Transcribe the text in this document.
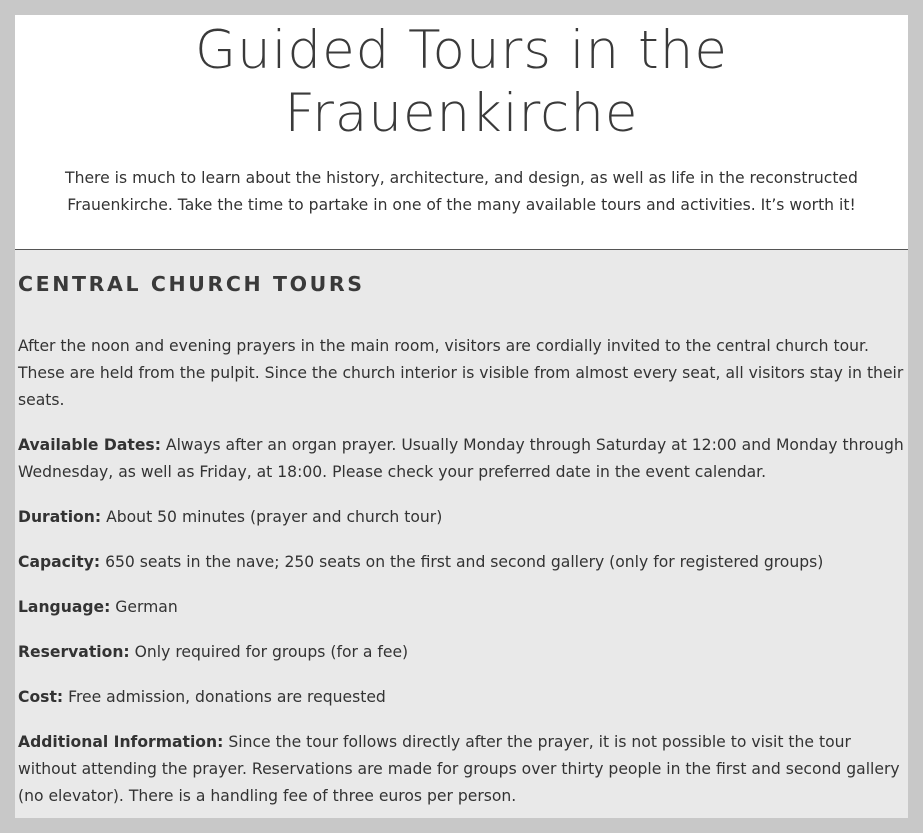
Guided Tours in the Frauenkirche

There is much to learn about the history, architecture, and design, as well as life in the reconstructed Frauenkirche. Take the time to partake in one of the many available tours and activities. It’s worth it!

CENTRAL CHURCH TOURS

After the noon and evening prayers in the main room, visitors are cordially invited to the central church tour. These are held from the pulpit. Since the church interior is visible from almost every seat, all visitors stay in their seats.

Available Dates: Always after an organ prayer. Usually Monday through Saturday at 12:00 and Monday through Wednesday, as well as Friday, at 18:00. Please check your preferred date in the event calendar.

Duration: About 50 minutes (prayer and church tour)

Capacity: 650 seats in the nave; 250 seats on the first and second gallery (only for registered groups)

Language: German

Reservation: Only required for groups (for a fee)

Cost: Free admission, donations are requested

Additional Information: Since the tour follows directly after the prayer, it is not possible to visit the tour without attending the prayer. Reservations are made for groups over thirty people in the first and second gallery (no elevator). There is a handling fee of three euros per person.
